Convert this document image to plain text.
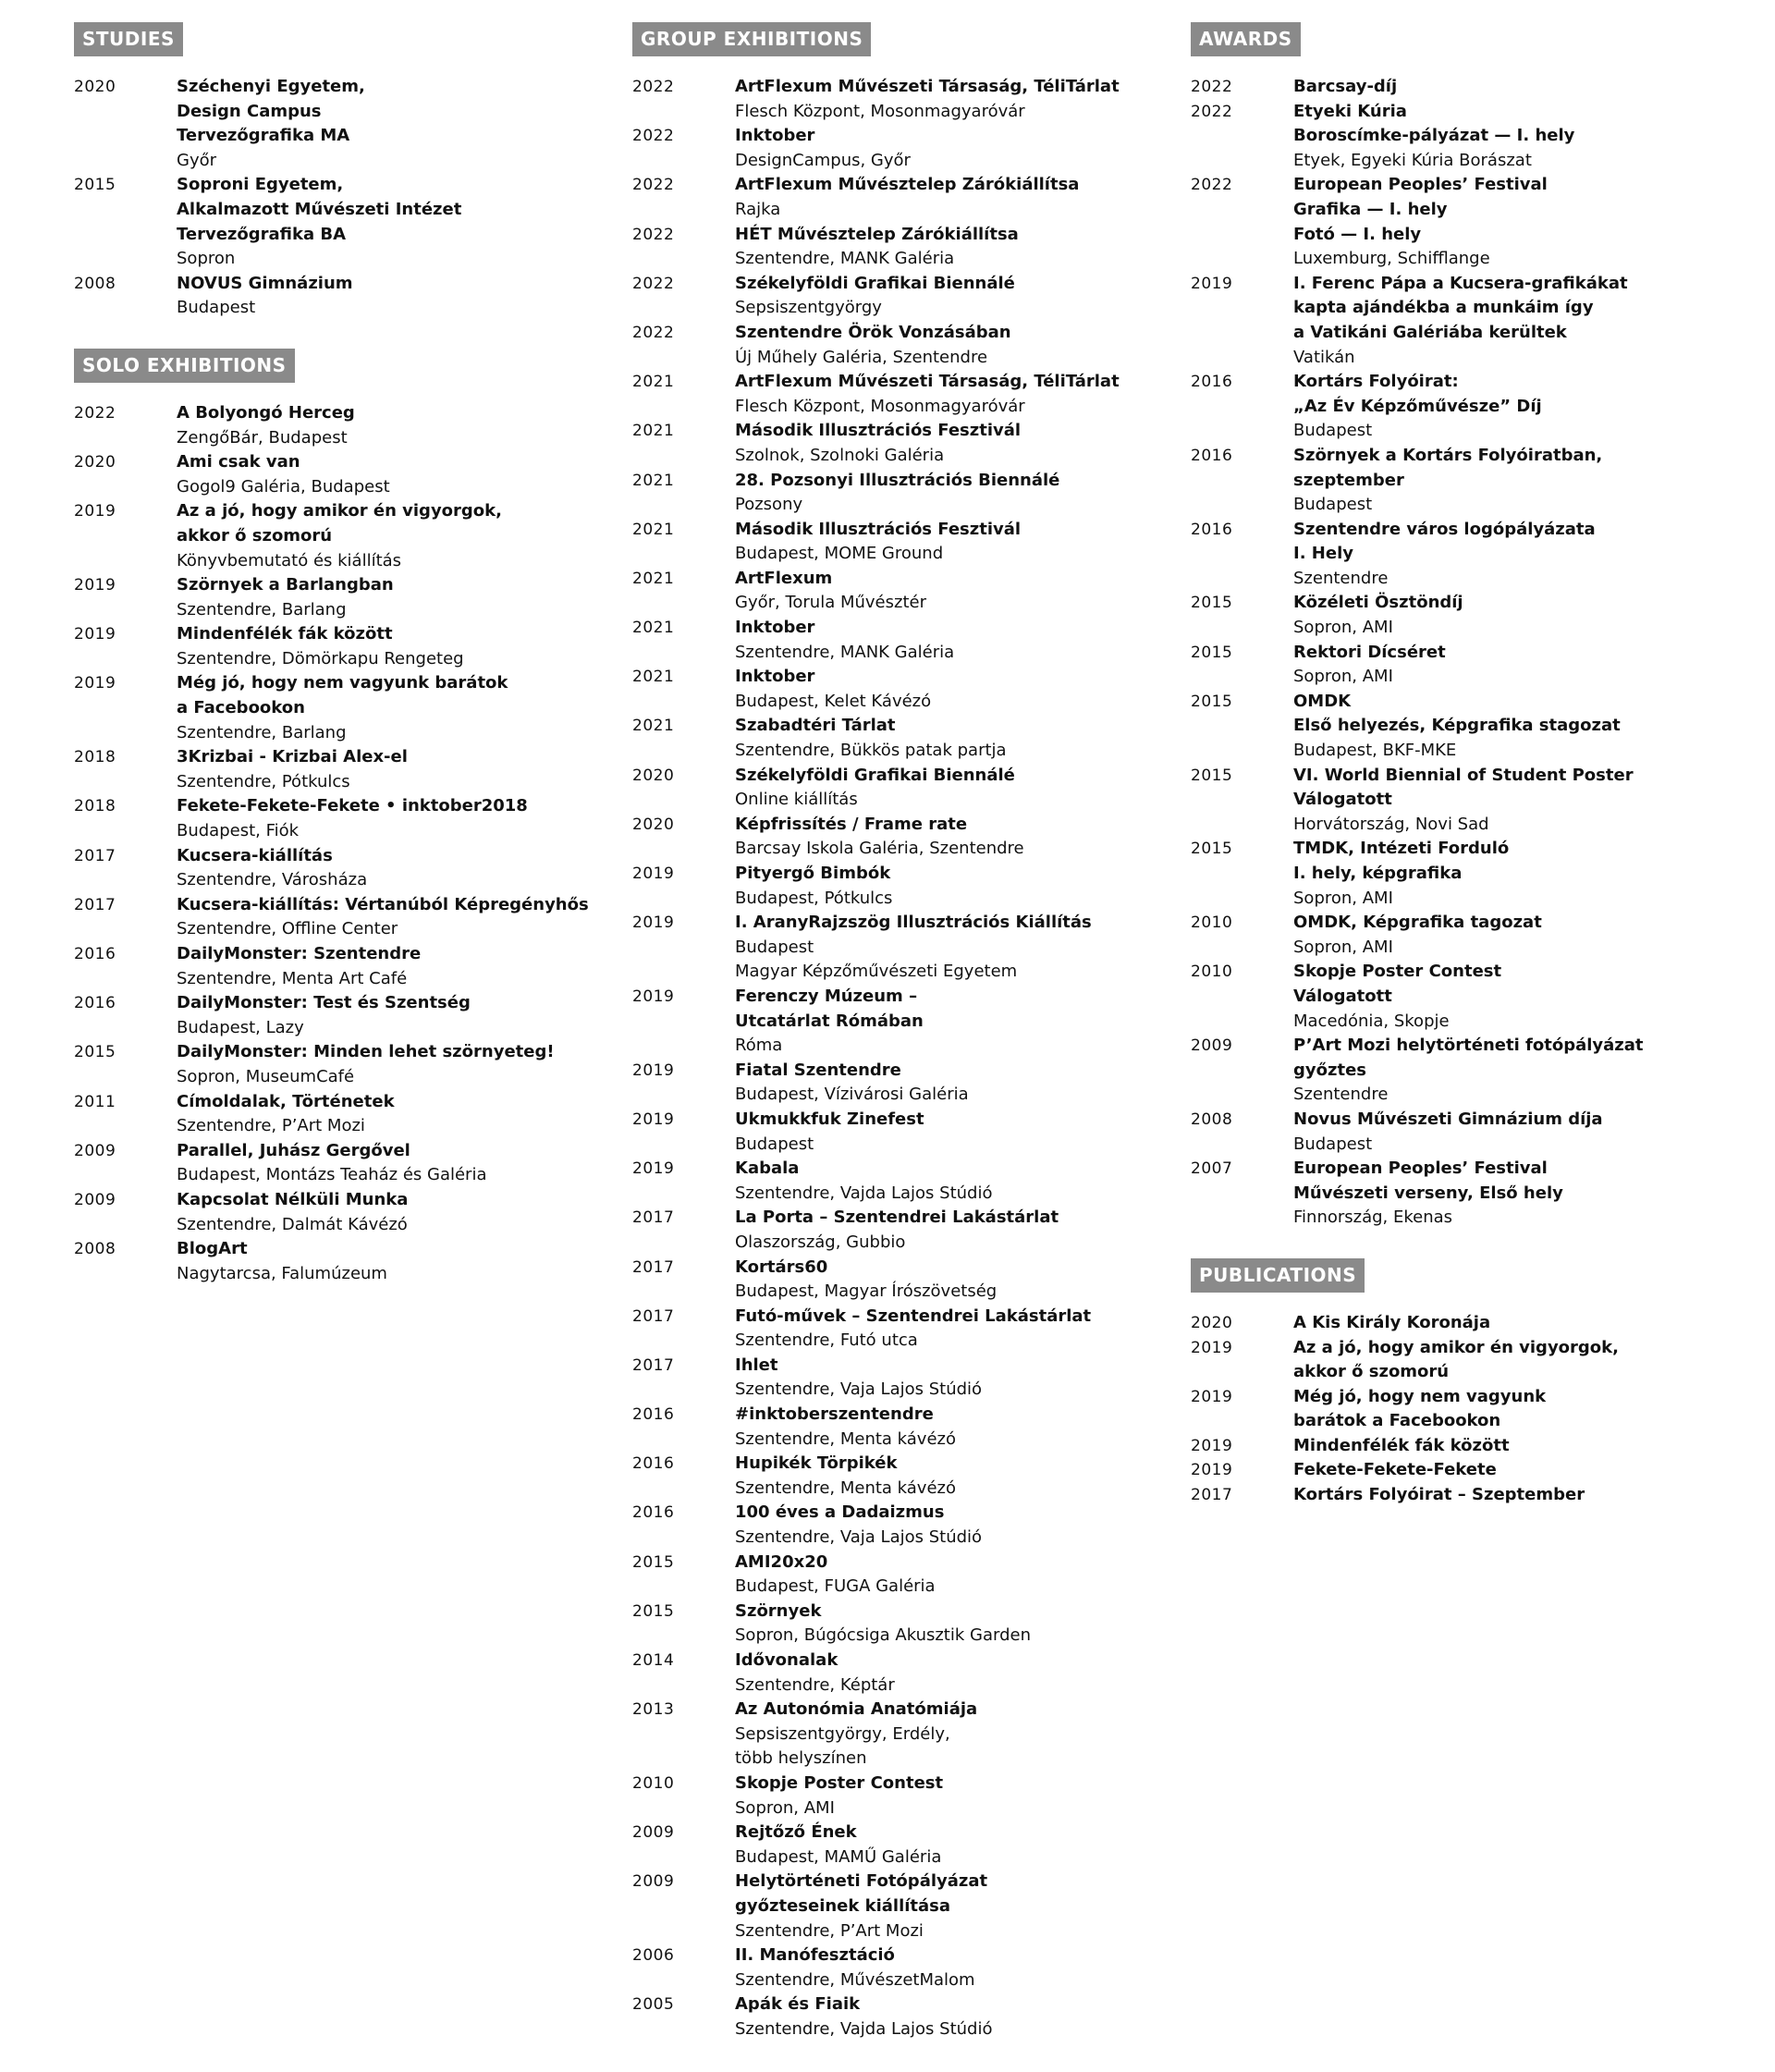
STUDIES
2020	Széchenyi Egyetem,
Design Campus
Tervezőgrafika MA
Győr
2015	Soproni Egyetem,
Alkalmazott Művészeti Intézet
Tervezőgrafika BA
Sopron
2008	NOVUS Gimnázium
Budapest
SOLO EXHIBITIONS
2022	A Bolyongó Herceg
ZengőBár, Budapest
2020	Ami csak van
Gogol9 Galéria, Budapest
2019	Az a jó, hogy amikor én vigyorgok,
akkor ő szomorú
Könyvbemutató és kiállítás
2019	Szörnyek a Barlangban
Szentendre, Barlang
2019	Mindenfélék fák között
Szentendre, Dömörkapu Rengeteg
2019	Még jó, hogy nem vagyunk barátok
a Facebookon
Szentendre, Barlang
2018	3Krizbai - Krizbai Alex-el
Szentendre, Pótkulcs
2018	Fekete-Fekete-Fekete • inktober2018
Budapest, Fiók
2017	Kucsera-kiállítás
Szentendre, Városháza
2017	Kucsera-kiállítás: Vértanúból Képregényhős
Szentendre, Offline Center
2016	DailyMonster: Szentendre
Szentendre, Menta Art Café
2016	DailyMonster: Test és Szentség
Budapest, Lazy
2015	DailyMonster: Minden lehet szörnyeteg!
Sopron, MuseumCafé
2011	Címoldalak, Történetek
Szentendre, P’Art Mozi
2009	Parallel, Juhász Gergővel
Budapest, Montázs Teaház és Galéria
2009	Kapcsolat Nélküli Munka
Szentendre, Dalmát Kávézó
2008	BlogArt
Nagytarcsa, Falumúzeum
GROUP EXHIBITIONS
2022	ArtFlexum Művészeti Társaság, TéliTárlat
Flesch Központ, Mosonmagyaróvár
2022	Inktober
DesignCampus, Győr
2022	ArtFlexum Művésztelep Zárókiállítsa
Rajka
2022	HÉT Művésztelep Zárókiállítsa
Szentendre, MANK Galéria
2022	Székelyföldi Grafikai Biennálé
Sepsiszentgyörgy
2022	Szentendre Örök Vonzásában
Új Műhely Galéria, Szentendre
2021	ArtFlexum Művészeti Társaság, TéliTárlat
Flesch Központ, Mosonmagyaróvár
2021	Második Illusztrációs Fesztivál
Szolnok, Szolnoki Galéria
2021	28. Pozsonyi Illusztrációs Biennálé
Pozsony
2021	Második Illusztrációs Fesztivál
Budapest, MOME Ground
2021	ArtFlexum
Győr, Torula Művésztér
2021	Inktober
Szentendre, MANK Galéria
2021	Inktober
Budapest, Kelet Kávézó
2021	Szabadtéri Tárlat
Szentendre, Bükkös patak partja
2020	Székelyföldi Grafikai Biennálé
Online kiállítás
2020	Képfrissítés / Frame rate
Barcsay Iskola Galéria, Szentendre
2019	Pityergő Bimbók
Budapest, Pótkulcs
2019	I. AranyRajzszög Illusztrációs Kiállítás
Budapest
Magyar Képzőművészeti Egyetem
2019	Ferenczy Múzeum –
Utcatárlat Rómában
Róma
2019	Fiatal Szentendre
Budapest, Vízivárosi Galéria
2019	Ukmukkfuk Zinefest
Budapest
2019	Kabala
Szentendre, Vajda Lajos Stúdió
2017	La Porta – Szentendrei Lakástárlat
Olaszország, Gubbio
2017	Kortárs60
Budapest, Magyar Írószövetség
2017	Futó-művek – Szentendrei Lakástárlat
Szentendre, Futó utca
2017	Ihlet
Szentendre, Vaja Lajos Stúdió
2016	#inktoberszentendre
Szentendre, Menta kávézó
2016	Hupikék Törpikék
Szentendre, Menta kávézó
2016	100 éves a Dadaizmus
Szentendre, Vaja Lajos Stúdió
2015	AMI20x20
Budapest, FUGA Galéria
2015	Szörnyek
Sopron, Búgócsiga Akusztik Garden
2014	Idővonalak
Szentendre, Képtár
2013	Az Autonómia Anatómiája
Sepsiszentgyörgy, Erdély,
több helyszínen
2010	Skopje Poster Contest
Sopron, AMI
2009	Rejtőző Ének
Budapest, MAMŰ Galéria
2009	Helytörténeti Fotópályázat
győzteseinek kiállítása
Szentendre, P’Art Mozi
2006	II. Manófesztáció
Szentendre, MűvészetMalom
2005	Apák és Fiaik
Szentendre, Vajda Lajos Stúdió
AWARDS
2022	Barcsay-díj
2022	Etyeki Kúria
Boroscímke-pályázat — I. hely
Etyek, Egyeki Kúria Borászat
2022	European Peoples’ Festival
Grafika — I. hely
Fotó — I. hely
Luxemburg, Schifflange
2019	I. Ferenc Pápa a Kucsera-grafikákat
kapta ajándékba a munkáim így
a Vatikáni Galériába kerültek
Vatikán
2016	Kortárs Folyóirat:
„Az Év Képzőművésze” Díj
Budapest
2016	Szörnyek a Kortárs Folyóiratban,
szeptember
Budapest
2016	Szentendre város logópályázata
I. Hely
Szentendre
2015	Közéleti Ösztöndíj
Sopron, AMI
2015	Rektori Dícséret
Sopron, AMI
2015	OMDK
Első helyezés, Képgrafika stagozat
Budapest, BKF-MKE
2015	VI. World Biennial of Student Poster
Válogatott
Horvátország, Novi Sad
2015	TMDK, Intézeti Forduló
I. hely, képgrafika
Sopron, AMI
2010	OMDK, Képgrafika tagozat
Sopron, AMI
2010	Skopje Poster Contest
Válogatott
Macedónia, Skopje
2009	P’Art Mozi helytörténeti fotópályázat
győztes
Szentendre
2008	Novus Művészeti Gimnázium díja
Budapest
2007	European Peoples’ Festival
Művészeti verseny, Első hely
Finnország, Ekenas
PUBLICATIONS
2020	A Kis Király Koronája
2019	Az a jó, hogy amikor én vigyorgok,
akkor ő szomorú
2019	Még jó, hogy nem vagyunk
barátok a Facebookon
2019	Mindenfélék fák között
2019	Fekete-Fekete-Fekete
2017	Kortárs Folyóirat – Szeptember
